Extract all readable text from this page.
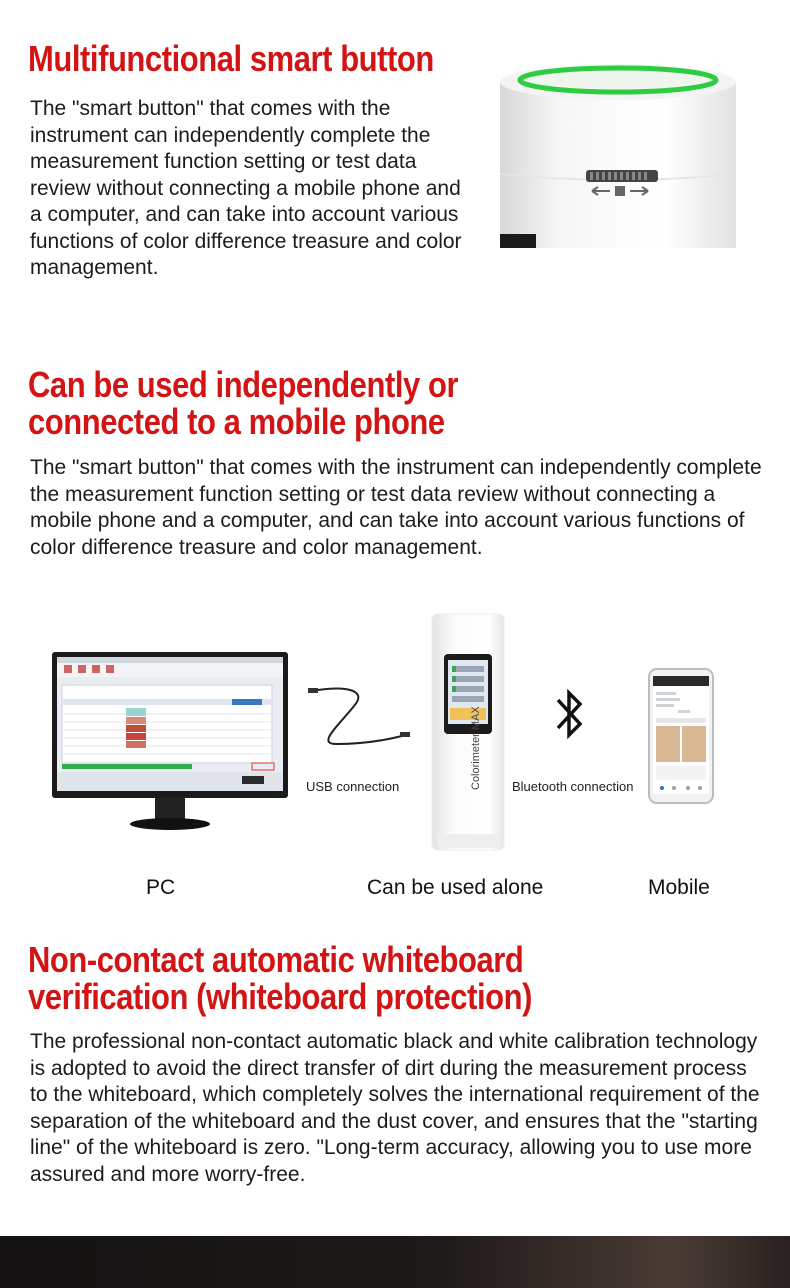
Multifunctional smart button

The "smart button" that comes with the instrument can independently complete the measurement function setting or test data review without connecting a mobile phone and a computer, and can take into account various functions of color difference treasure and color management.

Can be used independently or
connected to a mobile phone

The "smart button" that comes with the instrument can independently complete the measurement function setting or test data review without connecting a mobile phone and a computer, and can take into account various functions of color difference treasure and color management.

USB connection	Colorimeter MAX Bluetooth connection
PC	Can be used alone	Mobile
Non-contact automatic whiteboard
verification (whiteboard protection)

The professional non-contact automatic black and white calibration technology is adopted to avoid the direct transfer of dirt during the measurement process to the whiteboard, which completely solves the international requirement of the separation of the whiteboard and the dust cover, and ensures that the "starting line" of the whiteboard is zero. "Long-term accuracy, allowing you to use more assured and more worry-free.
